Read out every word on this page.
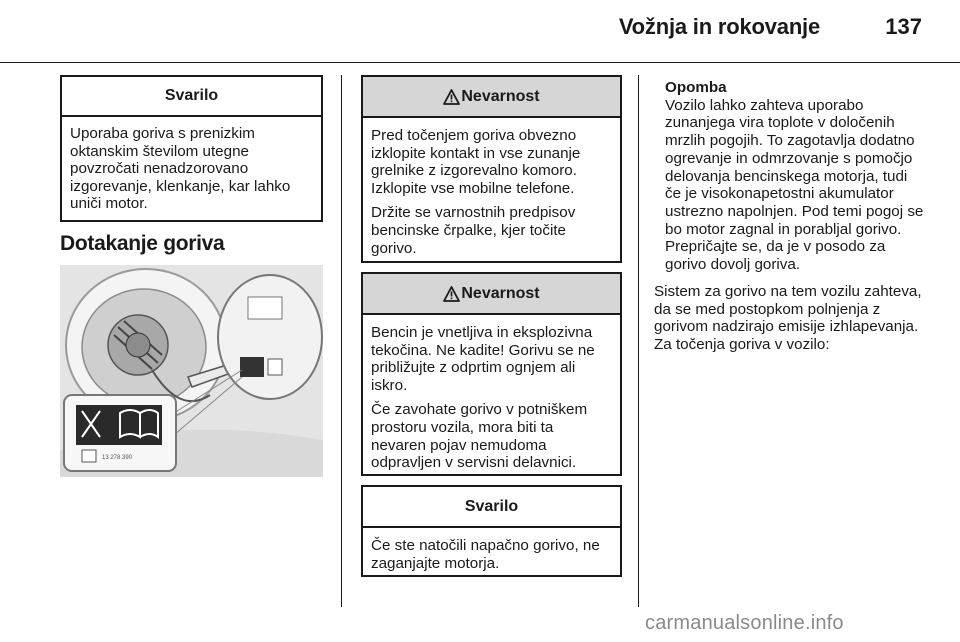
Vožnja in rokovanje	137
Svarilo
Uporaba goriva s prenizkim oktanskim številom utegne povzročati nenadzorovano izgorevanje, klenkanje, kar lahko uniči motor.
Dotakanje goriva
13 278 390
Nevarnost

Pred točenjem goriva obvezno izklopite kontakt in vse zunanje grelnike z izgorevalno komoro. Izklopite vse mobilne telefone.

Držite se varnostnih predpisov bencinske črpalke, kjer točite gorivo.

Nevarnost

Bencin je vnetljiva in eksplozivna tekočina. Ne kadite! Gorivu se ne približujte z odprtim ognjem ali iskro.

Če zavohate gorivo v potniškem prostoru vozila, mora biti ta nevaren pojav nemudoma odpravljen v servisni delavnici.

Svarilo
Če ste natočili napačno gorivo, ne zaganjajte motorja.
Opomba

Vozilo lahko zahteva uporabo zunanjega vira toplote v določenih mrzlih pogojih. To zagotavlja dodatno ogrevanje in odmrzovanje s pomočjo delovanja bencinskega motorja, tudi če je visokonapetostni akumulator ustrezno napolnjen. Pod temi pogoj se bo motor zagnal in porabljal gorivo. Prepričajte se, da je v posodo za gorivo dovolj goriva.

Sistem za gorivo na tem vozilu zahteva, da se med postopkom polnjenja z gorivom nadzirajo emisije izhlapevanja. Za točenja goriva v vozilo:

carmanualsonline.info
